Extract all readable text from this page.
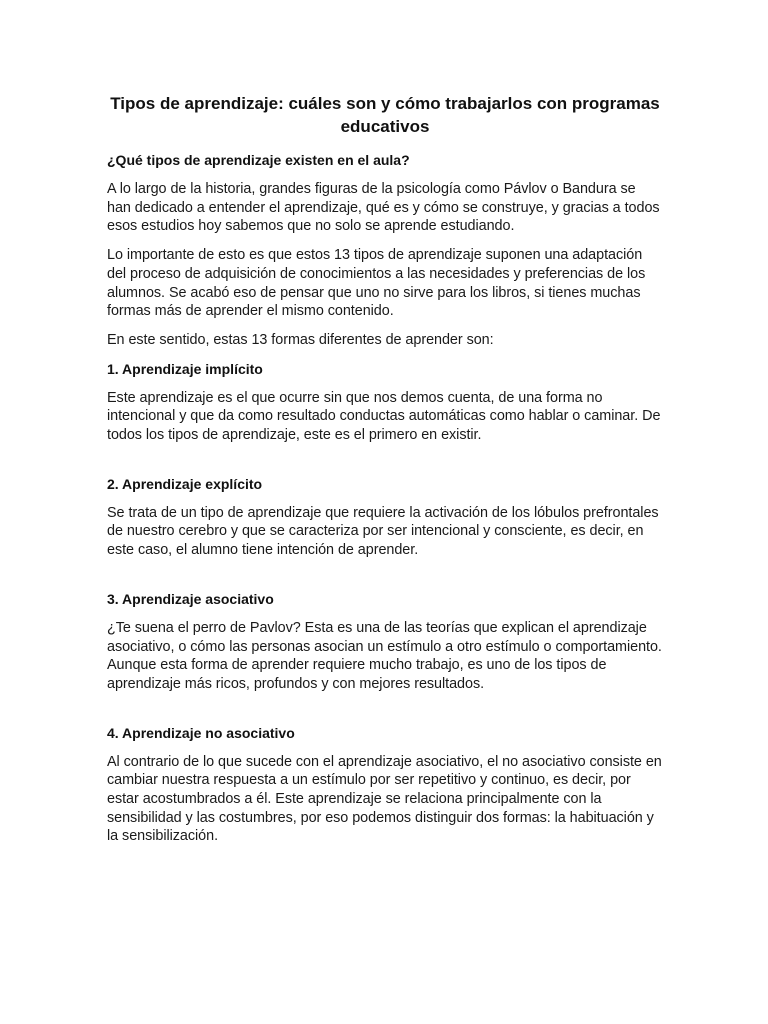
Tipos de aprendizaje: cuáles son y cómo trabajarlos con programas educativos
¿Qué tipos de aprendizaje existen en el aula?

A lo largo de la historia, grandes figuras de la psicología como Pávlov o Bandura se han dedicado a entender el aprendizaje, qué es y cómo se construye, y gracias a todos esos estudios hoy sabemos que no solo se aprende estudiando.

Lo importante de esto es que estos 13 tipos de aprendizaje suponen una adaptación del proceso de adquisición de conocimientos a las necesidades y preferencias de los alumnos. Se acabó eso de pensar que uno no sirve para los libros, si tienes muchas formas más de aprender el mismo contenido.

En este sentido, estas 13 formas diferentes de aprender son:

1. Aprendizaje implícito

Este aprendizaje es el que ocurre sin que nos demos cuenta, de una forma no intencional y que da como resultado conductas automáticas como hablar o caminar. De todos los tipos de aprendizaje, este es el primero en existir.

2. Aprendizaje explícito

Se trata de un tipo de aprendizaje que requiere la activación de los lóbulos prefrontales de nuestro cerebro y que se caracteriza por ser intencional y consciente, es decir, en este caso, el alumno tiene intención de aprender.

3. Aprendizaje asociativo

¿Te suena el perro de Pavlov? Esta es una de las teorías que explican el aprendizaje asociativo, o cómo las personas asocian un estímulo a otro estímulo o comportamiento. Aunque esta forma de aprender requiere mucho trabajo, es uno de los tipos de aprendizaje más ricos, profundos y con mejores resultados.

4. Aprendizaje no asociativo

Al contrario de lo que sucede con el aprendizaje asociativo, el no asociativo consiste en cambiar nuestra respuesta a un estímulo por ser repetitivo y continuo, es decir, por estar acostumbrados a él. Este aprendizaje se relaciona principalmente con la sensibilidad y las costumbres, por eso podemos distinguir dos formas: la habituación y la sensibilización.
